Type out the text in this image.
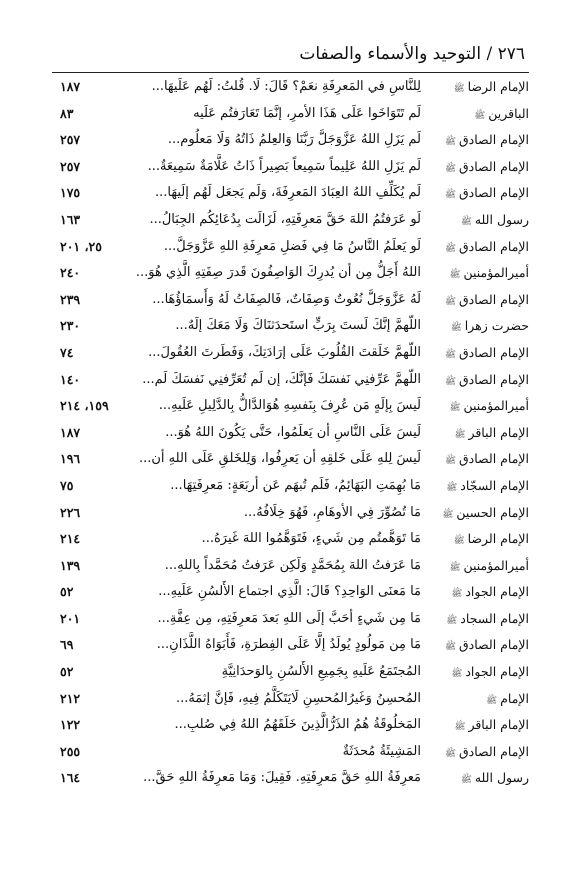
٢٧٦ / التوحيد والأسماء والصفات
الإمام الرضاﷺ
لِلنَّاسِ في المَعرِفَةِ نعَمْ؟ قَالَ: لَا. قُلتُ: لَهُم عَلَيهَا...
١٨٧
الباقرينﷺ
لَم تَتَوَاخَوا عَلَى هَذَا الأمرِ، إنَّمَا تَعَارَفتُم عَلَيه
٨٣
الإمام الصادقﷺ
لَم يَزَلِ اللهُ عَزَّوَجَلَّ رَبَّنَا وَالعِلمُ ذَاتُهُ وَلَا مَعلُوم...
٢٥٧
الإمام الصادقﷺ
لَم يَزَلِ اللهُ عَلِيماً سَمِيعاً بَصِيراً ذَاتُ عَلَّامَةٌ سَمِيعَةٌ...
٢٥٧
الإمام الصادقﷺ
لَم يُكَلِّفِ اللهُ العِبَادَ المَعرِفَةَ، وَلَم يَجعَل لَهُم إلَيهَا...
١٧٥
رسول اللهﷺ
لَو عَرَفتُمُ اللهَ حَقَّ مَعرِفَتِهِ، لَزَالَت بِدُعَائِكُم الجِبَالُ...
١٦٣
الإمام الصادقﷺ
لَو يَعلَمُ النَّاسُ مَا فِي فَضلِ مَعرِفَةِ اللهِ عَزَّوَجَلَّ...
٢٥، ٢٠١
أميرالمؤمنينﷺ
اللهُ أَجَلُّ مِن أن يُدرِكَ الوَاصِفُونَ قَدرَ صِفَتِهِ الَّذِي هُوَ...
٢٤٠
الإمام الصادقﷺ
لَهُ عَزَّوَجَلَّ نُعُوتٌ وَصِفَاتٌ، فَالصِفَاتُ لَهُ وَأَسمَاؤُهَا...
٢٣٩
حضرت زهراﷺ
اللّهمَّ إنَّكَ لَستَ بِرَبٍّ استَحدَثنَاكَ وَلَا مَعَكَ إلَهٌ...
٢٣٠
الإمام الصادقﷺ
اللّهمَّ خَلَقتَ القُلُوبَ عَلَى إرَادَتِكَ، وَفَطَرتَ العُقُولَ...
٧٤
الإمام الصادقﷺ
اللّهمَّ عَرِّفنِي نَفسَكَ فَإنَّكَ، إن لَم تُعَرِّفنِي نَفسَكَ لَم...
١٤٠
أميرالمؤمنينﷺ
لَيسَ بِإلَهٍ مَن عُرِفَ بِنَفسِهِ هُوَالدَّالُّ بِالدَّلِيلِ عَلَيهِ...
١٥٩، ٢١٤
الإمام الباقرﷺ
لَيسَ عَلَى النَّاسِ أن يَعلَمُوا، حَتَّى يَكُونَ اللهُ هُوَ...
١٨٧
الإمام الصادقﷺ
لَيسَ لِلهِ عَلَى خَلقِهِ أن يَعرِفُوا، وَلِلخَلقِ عَلَى اللهِ أن...
١٩٦
الإمام السجّادﷺ
مَا بُهِمَتِ البَهَائِمُ، فَلَم تُبهَم عَن أربَعَةٍ: مَعرِفَتِهَا...
٧٥
الإمام الحسينﷺ
مَا تُصُوِّرَ فِي الأوهَامِ، فَهُوَ خِلَافُهُ...
٢٢٦
الإمام الرضاﷺ
مَا تَوَهَّمتُم مِن شَيءٍ، فَتَوَهَّمُوا اللهَ غَيرَهُ...
٢١٤
أميرالمؤمنينﷺ
مَا عَرَفتُ اللهَ بِمُحَمَّدٍ وَلَكِن عَرَفتُ مُحَمَّداً بِاللهِ...
١٣٩
الإمام الجوادﷺ
مَا مَعنَى الوَاحِدِ؟ قَالَ: الَّذِي اجتماع الأَلسُنِ عَلَيهِ...
٥٢
الإمام السجادﷺ
مَا مِن شَيءٍ أحَبَّ إلَى اللهِ بَعدَ مَعرِفَتِهِ، مِن عِفَّةِ...
٢٠١
الإمام الصادقﷺ
مَا مِن مَولُودٍ يُولَدُ إلَّا عَلَى الفِطرَةِ، فَأَبَوَاهُ اللَّذَانِ...
٦٩
الإمام الجوادﷺ
المُجتَمَعُ عَلَيهِ بِجَمِيعِ الأَلسُنِ بِالوَحدَانِيَّةِ
٥٢
الإمامﷺ
المُحسِنُ وَغَيرُالمُحسِنِ لَايَتَكَلَّمُ فِيهِ، فَإنَّ إثمَهُ...
٢١٢
الإمام الباقرﷺ
المَخلُوقَةُ هُمُ الذَرُّالَّذِينَ خَلَقَهُمُ اللهُ فِي صُلبِ...
١٢٢
الإمام الصادقﷺ
المَشِيئَةُ مُحدَثَةٌ
٢٥٥
رسول اللهﷺ
مَعرِفَةُ اللهِ حَقَّ مَعرِفَتِهِ. فَقِيلَ: وَمَا مَعرِفَةُ اللهِ حَقَّ...
١٦٤
